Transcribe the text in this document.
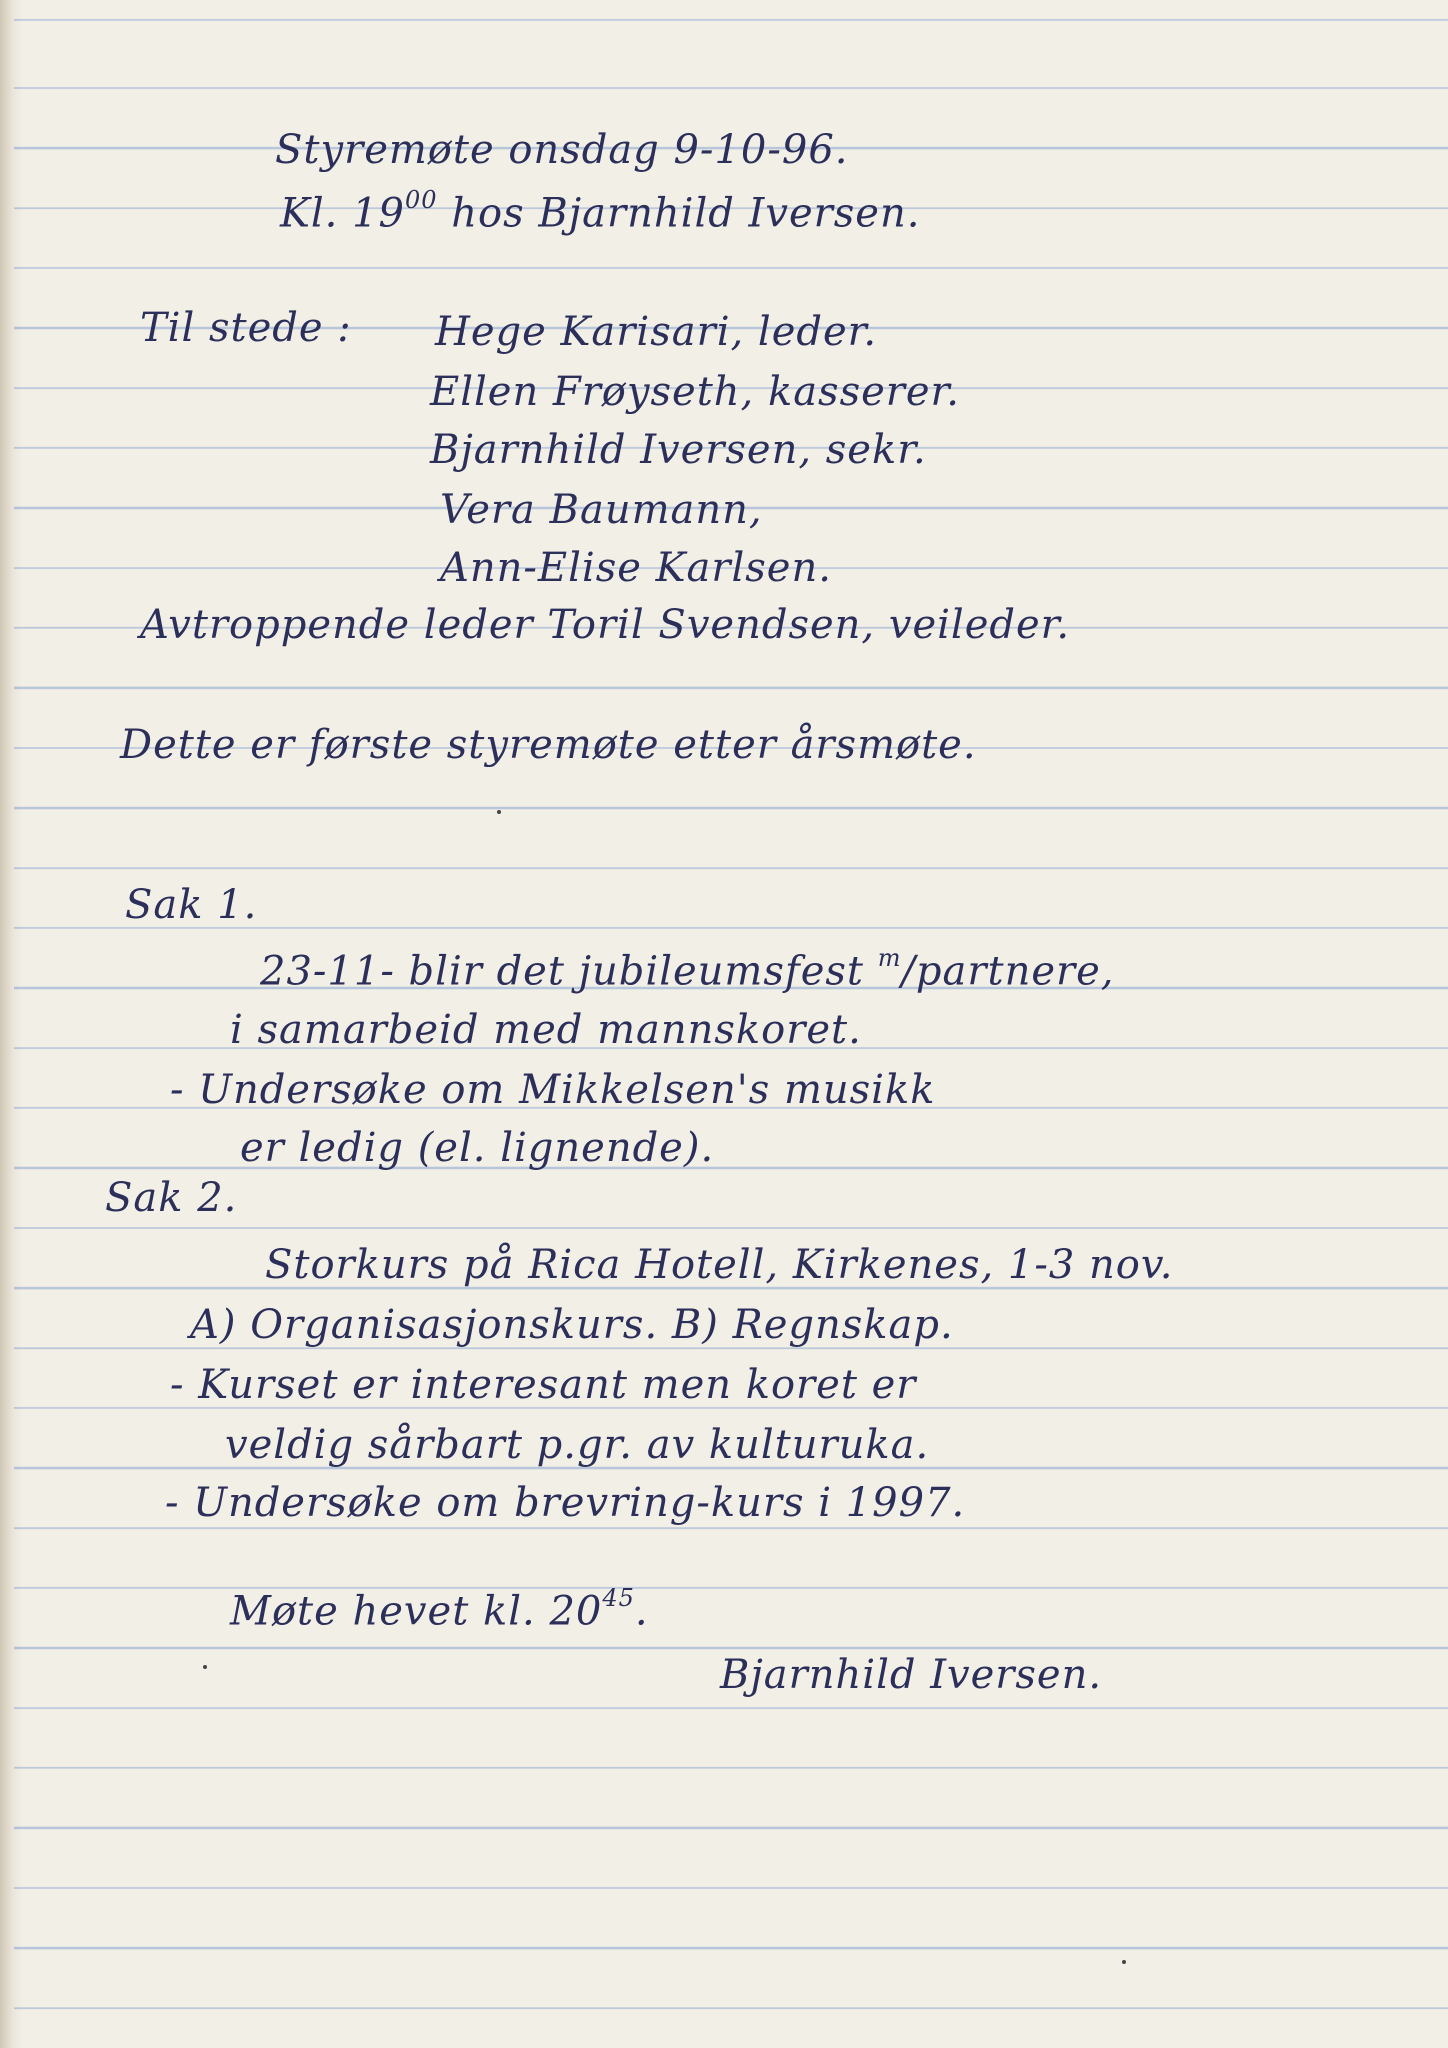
Styremøte onsdag 9-10-96.
Kl. $19^{00}$ hos Bjarnhild Iversen.
Til stede : Hege Karisari, leder.
Ellen Frøyseth, kasserer.
Bjarnhild Iversen, sekr.
Vera Baumann,
Ann-Elise Karlsen.
Avtroppende leder Toril Svendsen, veileder.
Dette er første styremøte etter årsmøte.
Sak 1.
23-11- blir det jubileumsfest $^m$/partnere,
i samarbeid med mannskoret.
- Undersøke om Mikkelsen's musikk
er ledig (el. lignende).
Sak 2.
Storkurs på Rica Hotell, Kirkenes, 1-3 nov.
A) Organisasjonskurs. B) Regnskap.
- Kurset er interesant men koret er
veldig sårbart p.gr. av kulturuka.
- Undersøke om brevring-kurs i 1997.
Møte hevet kl. $20^{45}$.
Bjarnhild Iversen.
